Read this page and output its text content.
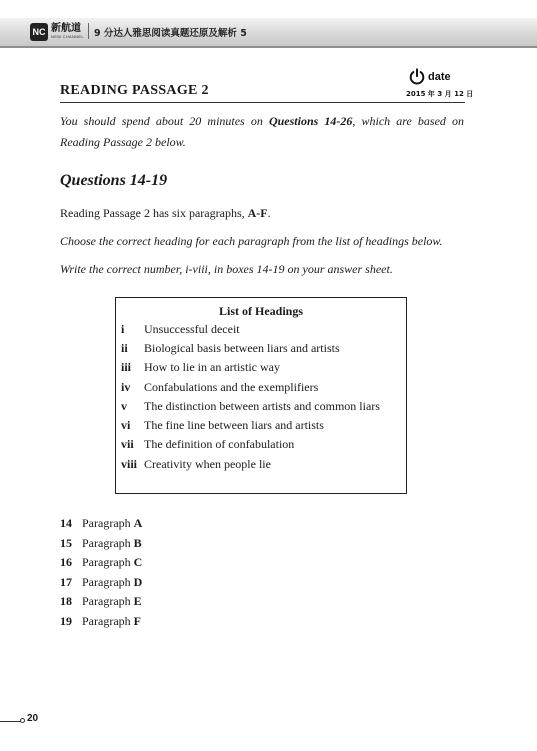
NC 新航道
NEW CHANNEL 9 分达人雅思阅读真题还原及解析 5
date
2015 年 3 月 12 日
READING PASSAGE 2
You should spend about 20 minutes on Questions 14-26, which are based on Reading Passage 2 below.
Questions 14-19
Reading Passage 2 has six paragraphs, A-F.
Choose the correct heading for each paragraph from the list of headings below.
Write the correct number, i-viii, in boxes 14-19 on your answer sheet.
List of Headings
i	Unsuccessful deceit
ii	Biological basis between liars and artists
iii	How to lie in an artistic way
iv	Confabulations and the exemplifiers
v	The distinction between artists and common liars
vi	The fine line between liars and artists
vii The definition of confabulation
viii Creativity when people lie
14 Paragraph A
15 Paragraph B
16 Paragraph C
17 Paragraph D
18 Paragraph E
19 Paragraph F
20
